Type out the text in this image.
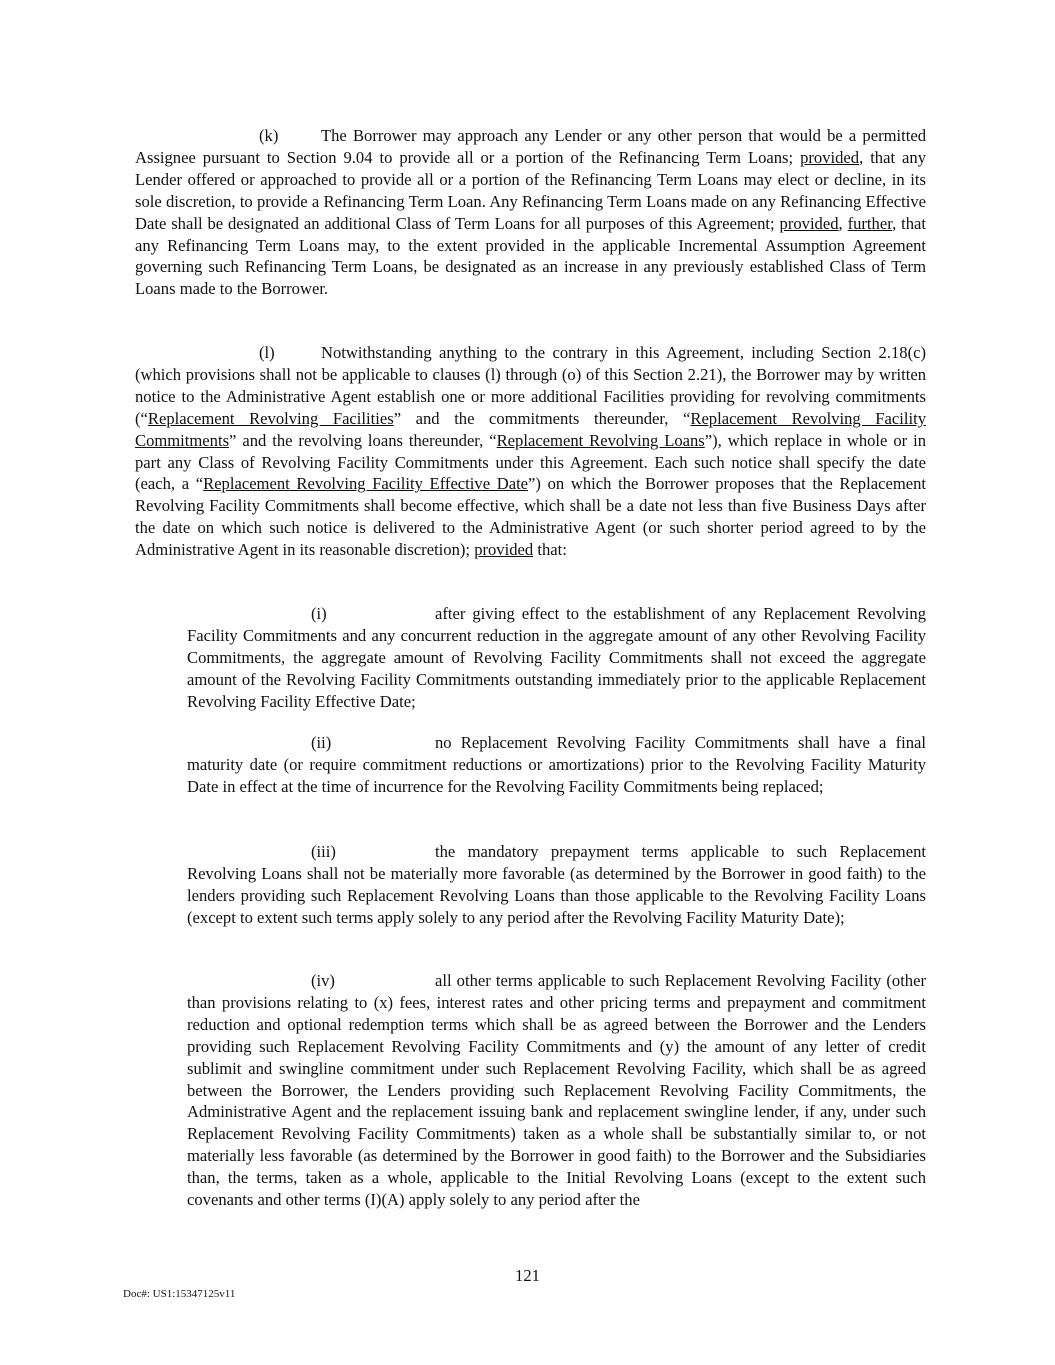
(k)	The Borrower may approach any Lender or any other person that would be a permitted Assignee pursuant to Section 9.04 to provide all or a portion of the Refinancing Term Loans; provided, that any Lender offered or approached to provide all or a portion of the Refinancing Term Loans may elect or decline, in its sole discretion, to provide a Refinancing Term Loan. Any Refinancing Term Loans made on any Refinancing Effective Date shall be designated an additional Class of Term Loans for all purposes of this Agreement; provided, further, that any Refinancing Term Loans may, to the extent provided in the applicable Incremental Assumption Agreement governing such Refinancing Term Loans, be designated as an increase in any previously established Class of Term Loans made to the Borrower.

(l)	Notwithstanding anything to the contrary in this Agreement, including Section 2.18(c) (which provisions shall not be applicable to clauses (l) through (o) of this Section 2.21), the Borrower may by written notice to the Administrative Agent establish one or more additional Facilities providing for revolving commitments (“Replacement Revolving Facilities” and the commitments thereunder, “Replacement Revolving Facility Commitments” and the revolving loans thereunder, “Replacement Revolving Loans”), which replace in whole or in part any Class of Revolving Facility Commitments under this Agreement. Each such notice shall specify the date (each, a “Replacement Revolving Facility Effective Date”) on which the Borrower proposes that the Replacement Revolving Facility Commitments shall become effective, which shall be a date not less than five Business Days after the date on which such notice is delivered to the Administrative Agent (or such shorter period agreed to by the Administrative Agent in its reasonable discretion); provided that:

(i)	after giving effect to the establishment of any Replacement Revolving Facility Commitments and any concurrent reduction in the aggregate amount of any other Revolving Facility Commitments, the aggregate amount of Revolving Facility Commitments shall not exceed the aggregate amount of the Revolving Facility Commitments outstanding immediately prior to the applicable Replacement Revolving Facility Effective Date;

(ii)	no Replacement Revolving Facility Commitments shall have a final maturity date (or require commitment reductions or amortizations) prior to the Revolving Facility Maturity Date in effect at the time of incurrence for the Revolving Facility Commitments being replaced;

(iii)	the mandatory prepayment terms applicable to such Replacement Revolving Loans shall not be materially more favorable (as determined by the Borrower in good faith) to the lenders providing such Replacement Revolving Loans than those applicable to the Revolving Facility Loans (except to extent such terms apply solely to any period after the Revolving Facility Maturity Date);

(iv)	all other terms applicable to such Replacement Revolving Facility (other than provisions relating to (x) fees, interest rates and other pricing terms and prepayment and commitment reduction and optional redemption terms which shall be as agreed between the Borrower and the Lenders providing such Replacement Revolving Facility Commitments and (y) the amount of any letter of credit sublimit and swingline commitment under such Replacement Revolving Facility, which shall be as agreed between the Borrower, the Lenders providing such Replacement Revolving Facility Commitments, the Administrative Agent and the replacement issuing bank and replacement swingline lender, if any, under such Replacement Revolving Facility Commitments) taken as a whole shall be substantially similar to, or not materially less favorable (as determined by the Borrower in good faith) to the Borrower and the Subsidiaries than, the terms, taken as a whole, applicable to the Initial Revolving Loans (except to the extent such covenants and other terms (I)(A) apply solely to any period after the

121
Doc#: US1:15347125v11
